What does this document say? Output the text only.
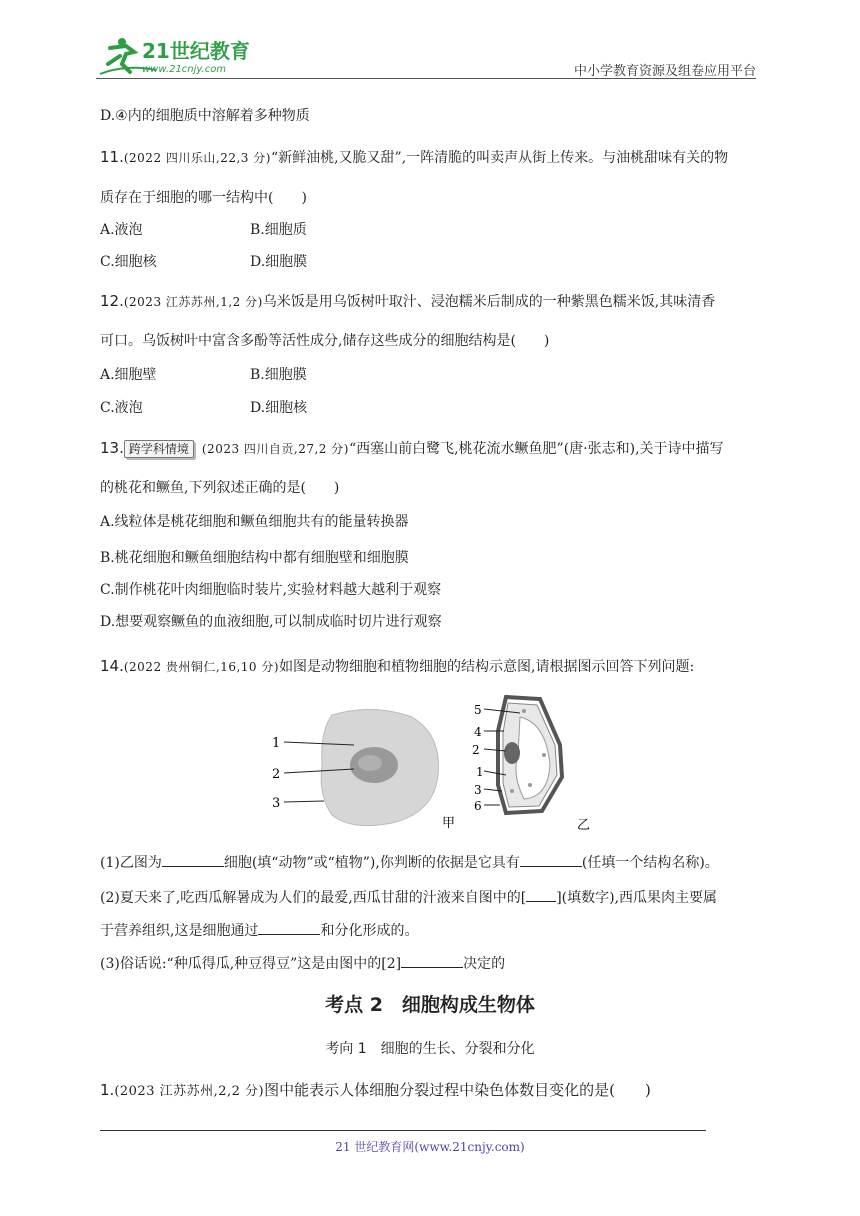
21世纪教育
www.21cnjy.com	中小学教育资源及组卷应用平台
D.④内的细胞质中溶解着多种物质
11.(2022 四川乐山,22,3 分)“新鲜油桃,又脆又甜”,一阵清脆的叫卖声从街上传来。与油桃甜味有关的物
质存在于细胞的哪一结构中(　　)
A.液泡	B.细胞质
C.细胞核	D.细胞膜
12.(2023 江苏苏州,1,2 分)乌米饭是用乌饭树叶取汁、浸泡糯米后制成的一种紫黑色糯米饭,其味清香
可口。乌饭树叶中富含多酚等活性成分,储存这些成分的细胞结构是(　　)
A.细胞壁	B.细胞膜
C.液泡	D.细胞核
13. 跨学科情境 (2023 四川自贡,27,2 分)“西塞山前白鹭飞,桃花流水鳜鱼肥”(唐·张志和),关于诗中描写
的桃花和鳜鱼,下列叙述正确的是(　　)
A.线粒体是桃花细胞和鳜鱼细胞共有的能量转换器
B.桃花细胞和鳜鱼细胞结构中都有细胞壁和细胞膜
C.制作桃花叶肉细胞临时装片,实验材料越大越利于观察
D.想要观察鳜鱼的血液细胞,可以制成临时切片进行观察
14.(2022 贵州铜仁,16,10 分)如图是动物细胞和植物细胞的结构示意图,请根据图示回答下列问题:
1
2
3
甲
5
4
2
1
3
6
乙
(1)乙图为	细胞(填“动物”或“植物”),你判断的依据是它具有	(任填一个结构名称)。
(2)夏天来了,吃西瓜解暑成为人们的最爱,西瓜甘甜的汁液来自图中的[ ](填数字),西瓜果肉主要属
于营养组织,这是细胞通过	和分化形成的。
(3)俗话说:“种瓜得瓜,种豆得豆”这是由图中的[2]	决定的
考点 2　细胞构成生物体
考向 1　细胞的生长、分裂和分化
1.(2023 江苏苏州,2,2 分)图中能表示人体细胞分裂过程中染色体数目变化的是(　　)
21 世纪教育网(www.21cnjy.com)
